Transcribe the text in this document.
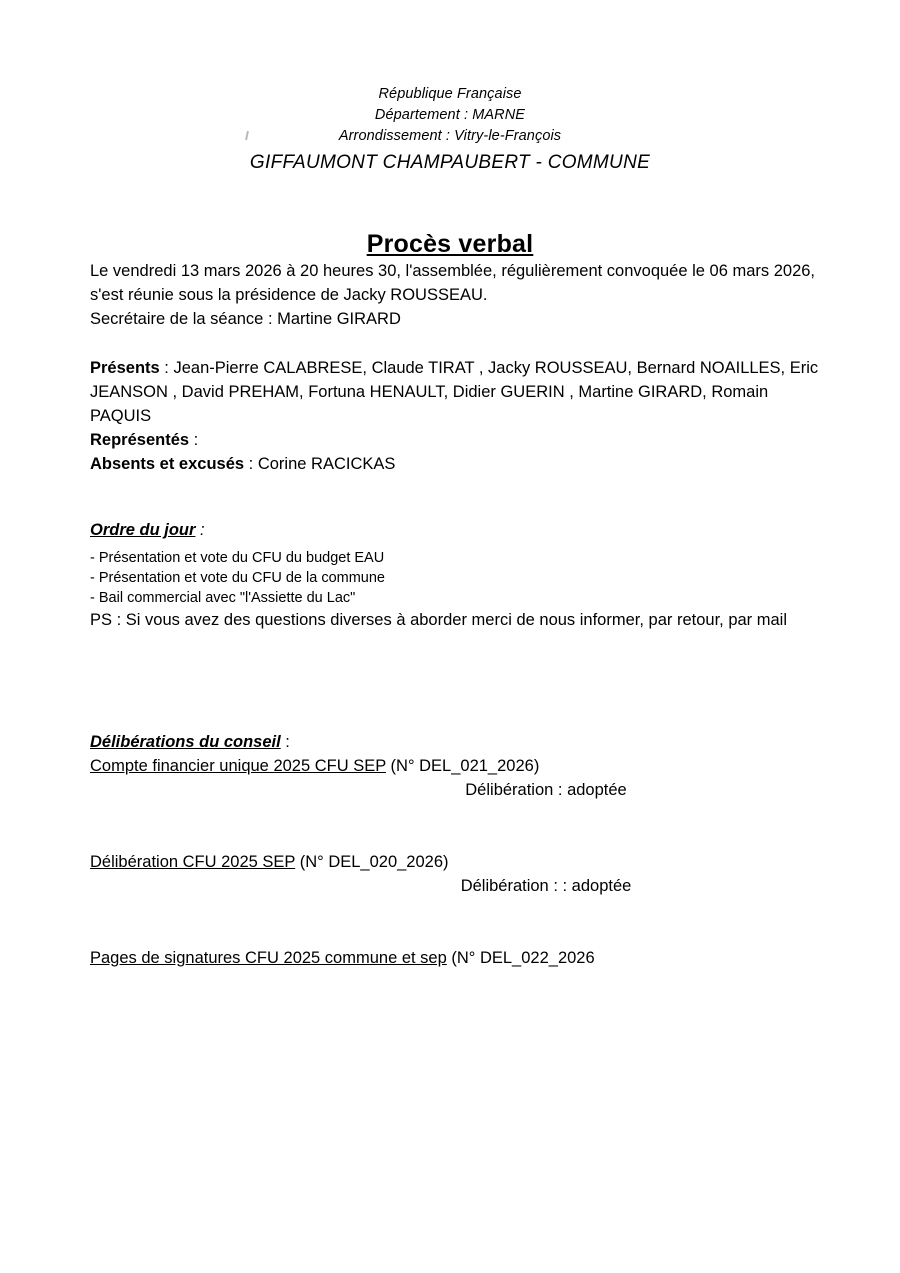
République Française
Département : MARNE
Arrondissement : Vitry-le-François
GIFFAUMONT CHAMPAUBERT - COMMUNE
Procès verbal

Le vendredi 13 mars 2026 à 20 heures 30, l'assemblée, régulièrement convoquée le 06 mars 2026, s'est réunie sous la présidence de Jacky ROUSSEAU.

Secrétaire de la séance : Martine GIRARD

Présents : Jean-Pierre CALABRESE, Claude TIRAT , Jacky ROUSSEAU, Bernard NOAILLES, Eric JEANSON , David PREHAM, Fortuna HENAULT, Didier GUERIN , Martine GIRARD, Romain PAQUIS

Représentés :

Absents et excusés : Corine RACICKAS

Ordre du jour :

- Présentation et vote du CFU du budget EAU
- Présentation et vote du CFU de la commune
- Bail commercial avec "l'Assiette du Lac"

PS : Si vous avez des questions diverses à aborder merci de nous informer, par retour, par mail

Délibérations du conseil :

Compte financier unique 2025 CFU SEP (N° DEL_021_2026)

Délibération : adoptée

Délibération CFU 2025 SEP (N° DEL_020_2026)

Délibération : : adoptée

Pages de signatures CFU 2025 commune et sep (N° DEL_022_2026
